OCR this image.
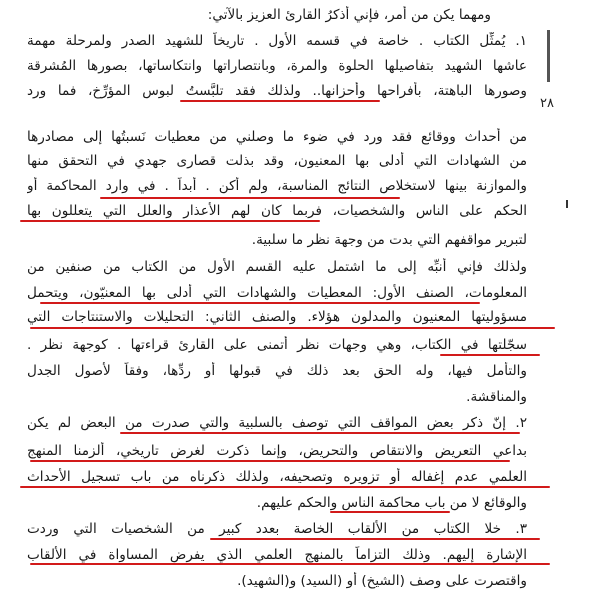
٢٨
ومهما يكن من أمر، فإني أذكرُ القارئ العزيز بالآتي:
١. يُمثِّل الكتاب . خاصة في قسمه الأول . تاريخاً للشهيد الصدر ولمرحلة مهمة
عاشها الشهيد بتفاصيلها الحلوة والمرة، وبانتصاراتها وانتكاساتها، بصورها المُشرقة
وصورها الباهتة، بأفراحها وأحزانها.. ولذلك فقد تلبَّستُ لبوس المؤرِّخ، فما ورد
من أحداث ووقائع فقد ورد في ضوء ما وصلني من معطيات نَسبتُها إلى مصادرها
من الشهادات التي أدلى بها المعنيون، وقد بذلت قصارى جهدي في التحقق منها
والموازنة بينها لاستخلاص النتائج المناسبة، ولم أكن . أبداً . في وارد المحاكمة أو
الحكم على الناس والشخصيات، فربما كان لهم الأعذار والعلل التي يتعللون بها
لتبرير مواقفهم التي بدت من وجهة نظر ما سلبية.
ولذلك فإني أُنبِّه إلى ما اشتمل عليه القسم الأول من الكتاب من صنفين من
المعلومات، الصنف الأول: المعطيات والشهادات التي أدلى بها المعنيّون، ويتحمل
مسؤوليتها المعنيون والمدلون هؤلاء. والصنف الثاني: التحليلات والاستنتاجات التي
سجّلتها في الكتاب، وهي وجهات نظر أتمنى على القارئ قراءتها . كوجهة نظر .
والتأمل فيها، وله الحق بعد ذلك في قبولها أو ردِّها، وفقاً لأصول الجدل
والمناقشة.
٢. إنّ ذكر بعض المواقف التي توصف بالسلبية والتي صدرت من البعض لم يكن
بداعي التعريض والانتقاص والتحريض، وإنما ذكرت لغرض تاريخي، ألزمنا المنهج
العلمي عدم إغفاله أو تزويره وتصحيفه، ولذلك ذكرناه من باب تسجيل الأحداث
والوقائع لا من باب محاكمة الناس والحكم عليهم.
٣. خلا الكتاب من الألقاب الخاصة بعدد كبير من الشخصيات التي وردت
الإشارة إليهم. وذلك التزاماً بالمنهج العلمي الذي يفرض المساواة في الألقاب
واقتصرت على وصف (الشيخ) أو (السيد) و(الشهيد).
